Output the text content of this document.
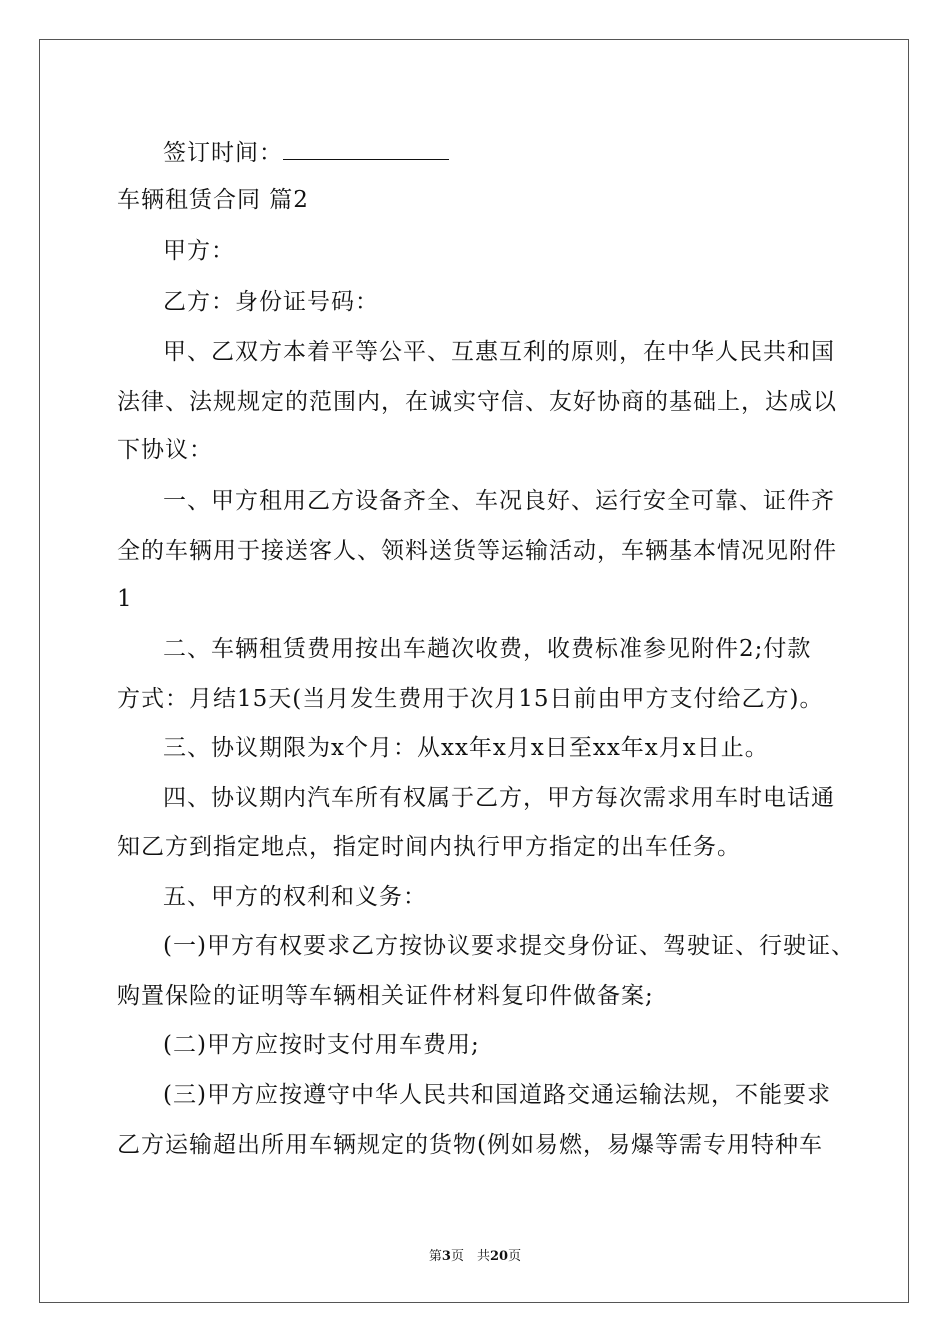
签订时间：
车辆租赁合同 篇2
甲方：
乙方：身份证号码：
甲、乙双方本着平等公平、互惠互利的原则，在中华人民共和国
法律、法规规定的范围内，在诚实守信、友好协商的基础上，达成以
下协议：
一、甲方租用乙方设备齐全、车况良好、运行安全可靠、证件齐
全的车辆用于接送客人、领料送货等运输活动，车辆基本情况见附件
1
二、车辆租赁费用按出车趟次收费，收费标准参见附件2;付款
方式：月结15天(当月发生费用于次月15日前由甲方支付给乙方)。
三、协议期限为x个月：从xx年x月x日至xx年x月x日止。
四、协议期内汽车所有权属于乙方，甲方每次需求用车时电话通
知乙方到指定地点，指定时间内执行甲方指定的出车任务。
五、甲方的权利和义务：
(一)甲方有权要求乙方按协议要求提交身份证、驾驶证、行驶证、
购置保险的证明等车辆相关证件材料复印件做备案;
(二)甲方应按时支付用车费用;
(三)甲方应按遵守中华人民共和国道路交通运输法规，不能要求
乙方运输超出所用车辆规定的货物(例如易燃，易爆等需专用特种车
第3页　共20页
